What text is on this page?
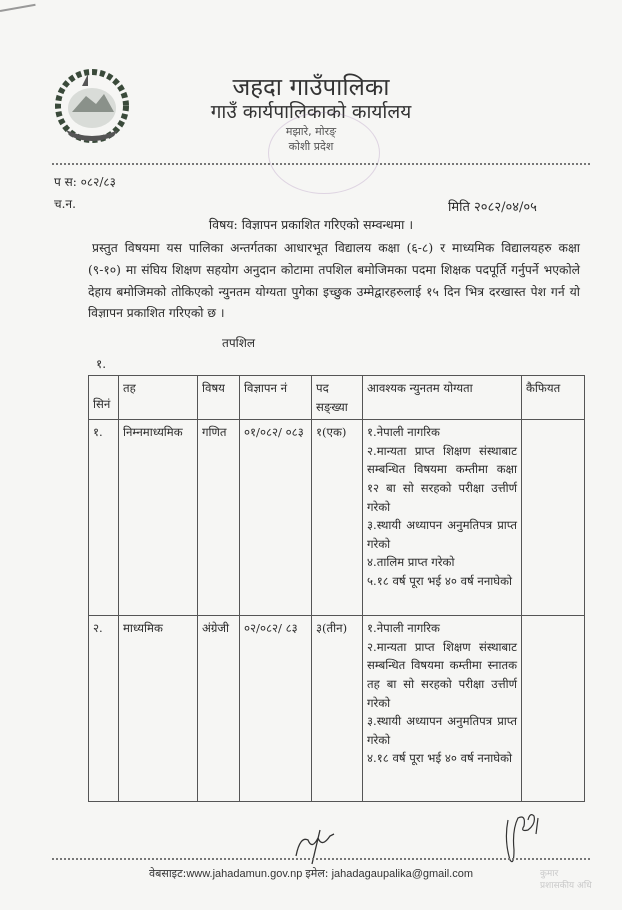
जहदा गाउँपालिका
गाउँ कार्यपालिकाको कार्यालय
मझारे, मोरङ्
कोशी प्रदेश
प स: ०८२/८३
च.न.	मिति २०८२/०४/०५
विषय: विज्ञापन प्रकाशित गरिएको सम्वन्धमा ।
प्रस्तुत विषयमा यस पालिका अन्तर्गतका आधारभूत विद्यालय कक्षा (६-८) र माध्यमिक विद्यालयहरु कक्षा (९-१०) मा संघिय शिक्षण सहयोग अनुदान कोटामा तपशिल बमोजिमका पदमा शिक्षक पदपूर्ति गर्नुपर्ने भएकोले देहाय बमोजिमको तोकिएको न्युनतम योग्यता पुगेका इच्छुक उम्मेद्वारहरुलाई १५ दिन भित्र दरखास्त पेश गर्न यो विज्ञापन प्रकाशित गरिएको छ ।
तपशिल
१.
सिनं	तह	विषय	विज्ञापन नं	पद
सङ्ख्या	आवश्यक न्युनतम योग्यता	कैफियत
१.	निम्नमाध्यमिक	गणित	०१/०८२/ ०८३	१(एक)	१.नेपाली नागरिक
२.मान्यता प्राप्त शिक्षण संस्थाबाट सम्बन्धित विषयमा कम्तीमा कक्षा १२ बा सो सरहको परीक्षा उत्तीर्ण गरेको
३.स्थायी अध्यापन अनुमतिपत्र प्राप्त गरेको
४.तालिम प्राप्त गरेको
५.१८ वर्ष पूरा भई ४० वर्ष ननाघेको	

२.	माध्यमिक	अंग्रेजी	०२/०८२/ ८३	३(तीन)	१.नेपाली नागरिक
२.मान्यता प्राप्त शिक्षण संस्थाबाट सम्बन्धित विषयमा कम्तीमा स्नातक तह बा सो सरहको परीक्षा उत्तीर्ण गरेको
३.स्थायी अध्यापन अनुमतिपत्र प्राप्त गरेको
४.१८ वर्ष पूरा भई ४० वर्ष ननाघेको	

वेबसाइट:www.jahadamun.gov.np इमेल: jahadagaupalika@gmail.com	कुमार
प्रशासकीय अधि
